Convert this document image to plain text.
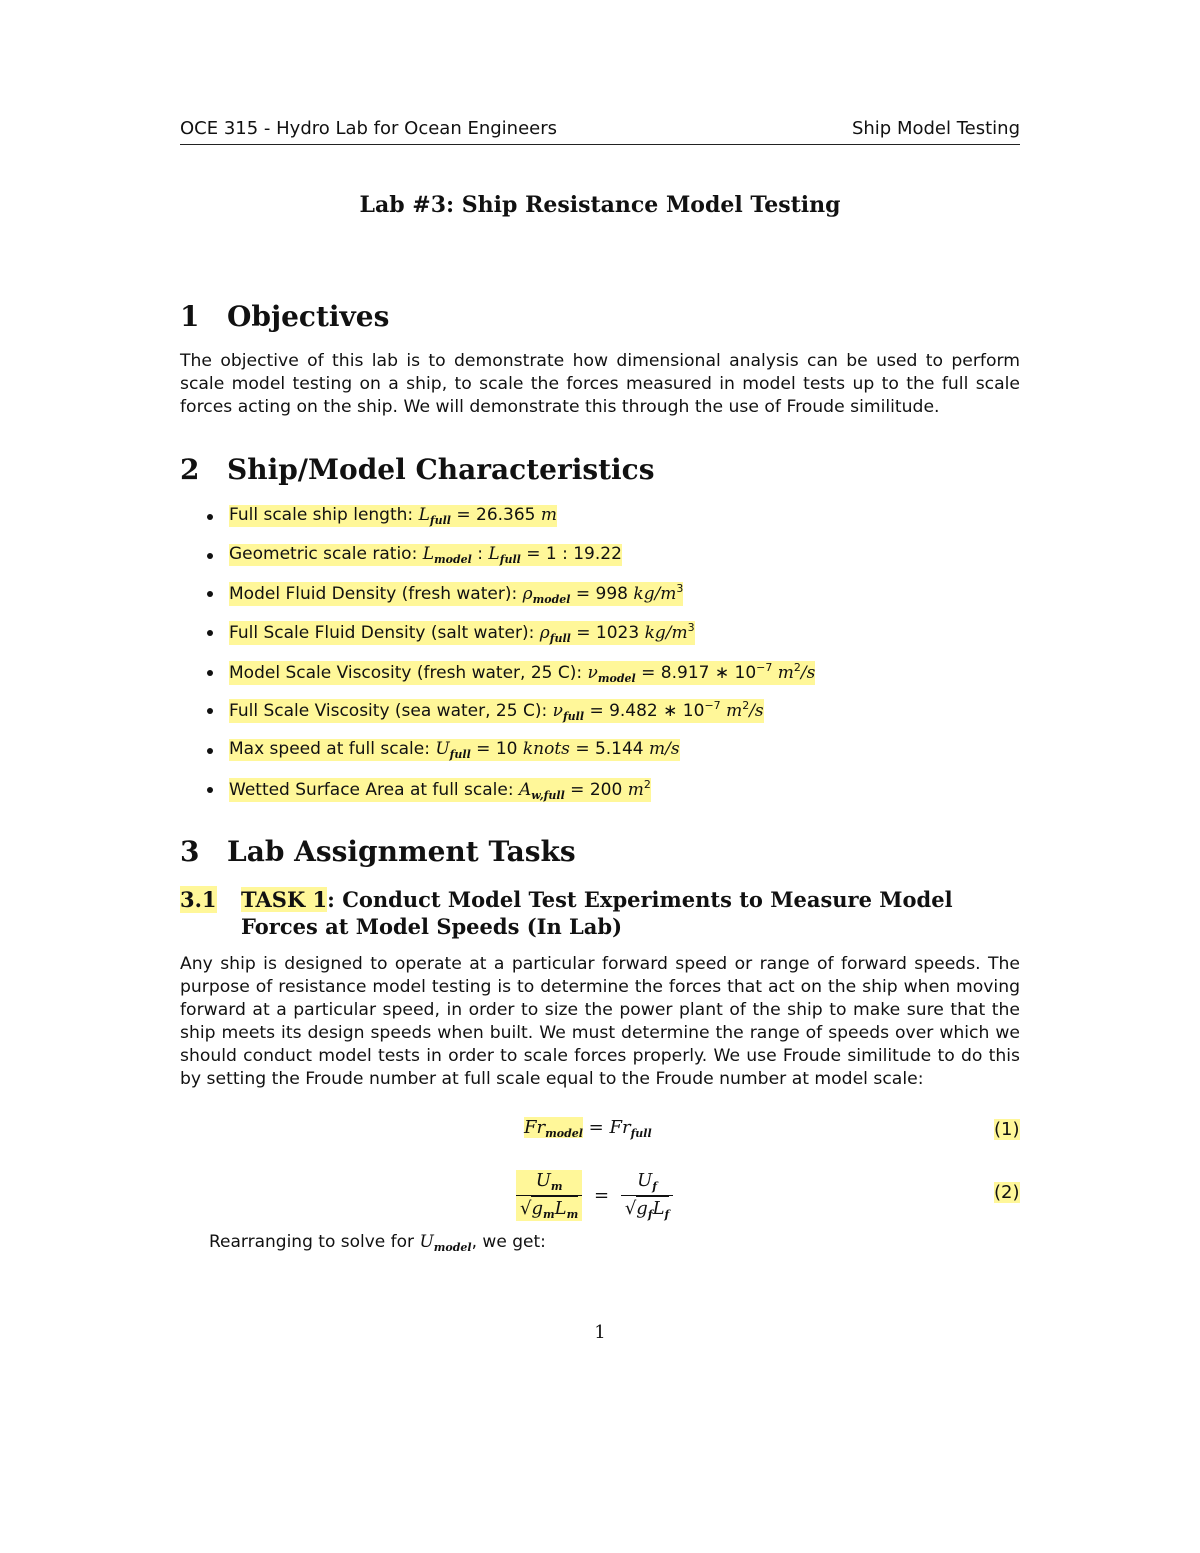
OCE 315 - Hydro Lab for Ocean Engineers	Ship Model Testing
Lab #3: Ship Resistance Model Testing
1 Objectives
The objective of this lab is to demonstrate how dimensional analysis can be used to perform scale model testing on a ship, to scale the forces measured in model tests up to the full scale forces acting on the ship. We will demonstrate this through the use of Froude similitude.
2 Ship/Model Characteristics
Full scale ship length: $L_{full} = 26.365$ m
Geometric scale ratio: $L_{model}$ : $L_{full} = 1$ : 19.22
Model Fluid Density (fresh water): $\rho_{model} = 998$ $kg/m^3$
Full Scale Fluid Density (salt water): $\rho_{full} = 1023$ $kg/m^3$
Model Scale Viscosity (fresh water, 25 C): $\nu_{model} = 8.917$ ∗ $10^{-7}$ $m^2/s$
Full Scale Viscosity (sea water, 25 C): $\nu_{full} = 9.482$ ∗ $10^{-7}$ $m^2/s$
Max speed at full scale: $U_{full} = 10$ knots = 5.144 m/s
Wetted Surface Area at full scale: $A_{w,full} = 200$ $m^2$
3 Lab Assignment Tasks
3.1 TASK 1: Conduct Model Test Experiments to Measure Model Forces at Model Speeds (In Lab)
Any ship is designed to operate at a particular forward speed or range of forward speeds. The purpose of resistance model testing is to determine the forces that act on the ship when moving forward at a particular speed, in order to size the power plant of the ship to make sure that the ship meets its design speeds when built. We must determine the range of speeds over which we should conduct model tests in order to scale forces properly. We use Froude similitude to do this by setting the Froude number at full scale equal to the Froude number at model scale:
$Fr_{model} = Fr_{full}$	(1)
$\frac{U_m}{√g_mL_m} = \frac{U_f}{√g_fL_f}$	(2)
Rearranging to solve for $U_{model}$, we get:
1
